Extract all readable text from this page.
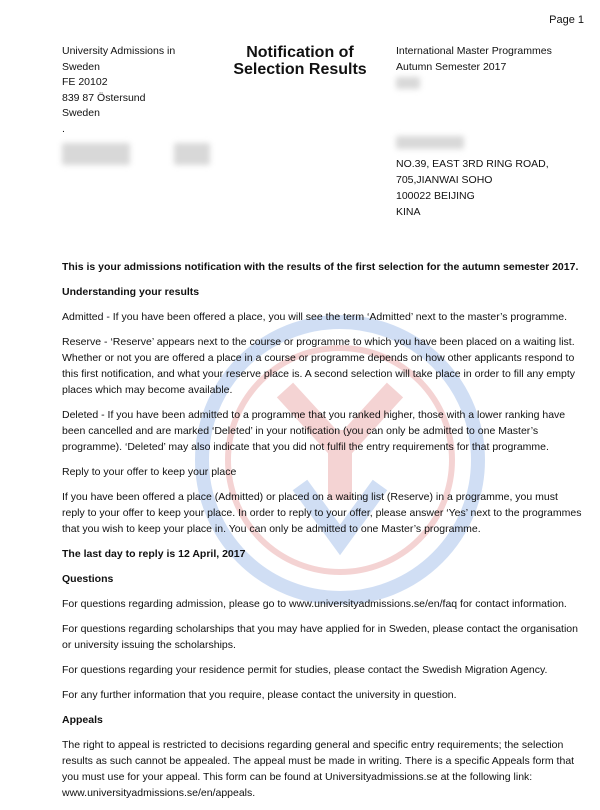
Page 1
University Admissions in
Sweden
FE 20102
839 87 Östersund
Sweden
.
Notification of
Selection Results
International Master Programmes
Autumn Semester 2017

NO.39, EAST 3RD RING ROAD,
705,JIANWAI SOHO
100022 BEIJING
KINA

This is your admissions notification with the results of the first selection for the autumn semester 2017.

Understanding your results

Admitted - If you have been offered a place, you will see the term ‘Admitted’ next to the master’s programme.

Reserve - ‘Reserve’ appears next to the course or programme to which you have been placed on a waiting list. Whether or not you are offered a place in a course or programme depends on how other applicants respond to this first notification, and what your reserve place is. A second selection will take place in order to fill any empty places which may become available.

Deleted - If you have been admitted to a programme that you ranked higher, those with a lower ranking have been cancelled and are marked ‘Deleted’ in your notification (you can only be admitted to one Master’s programme). ‘Deleted’ may also indicate that you did not fulfil the entry requirements for that programme.

Reply to your offer to keep your place

If you have been offered a place (Admitted) or placed on a waiting list (Reserve) in a programme, you must reply to your offer to keep your place. In order to reply to your offer, please answer ‘Yes’ next to the programmes that you wish to keep your place in. You can only be admitted to one Master’s programme.

The last day to reply is 12 April, 2017

Questions

For questions regarding admission, please go to www.universityadmissions.se/en/faq for contact information.

For questions regarding scholarships that you may have applied for in Sweden, please contact the organisation or university issuing the scholarships.

For questions regarding your residence permit for studies, please contact the Swedish Migration Agency.

For any further information that you require, please contact the university in question.

Appeals

The right to appeal is restricted to decisions regarding general and specific entry requirements; the selection results as such cannot be appealed. The appeal must be made in writing. There is a specific Appeals form that you must use for your appeal. This form can be found at Universityadmissions.se at the following link: www.universityadmissions.se/en/appeals.
